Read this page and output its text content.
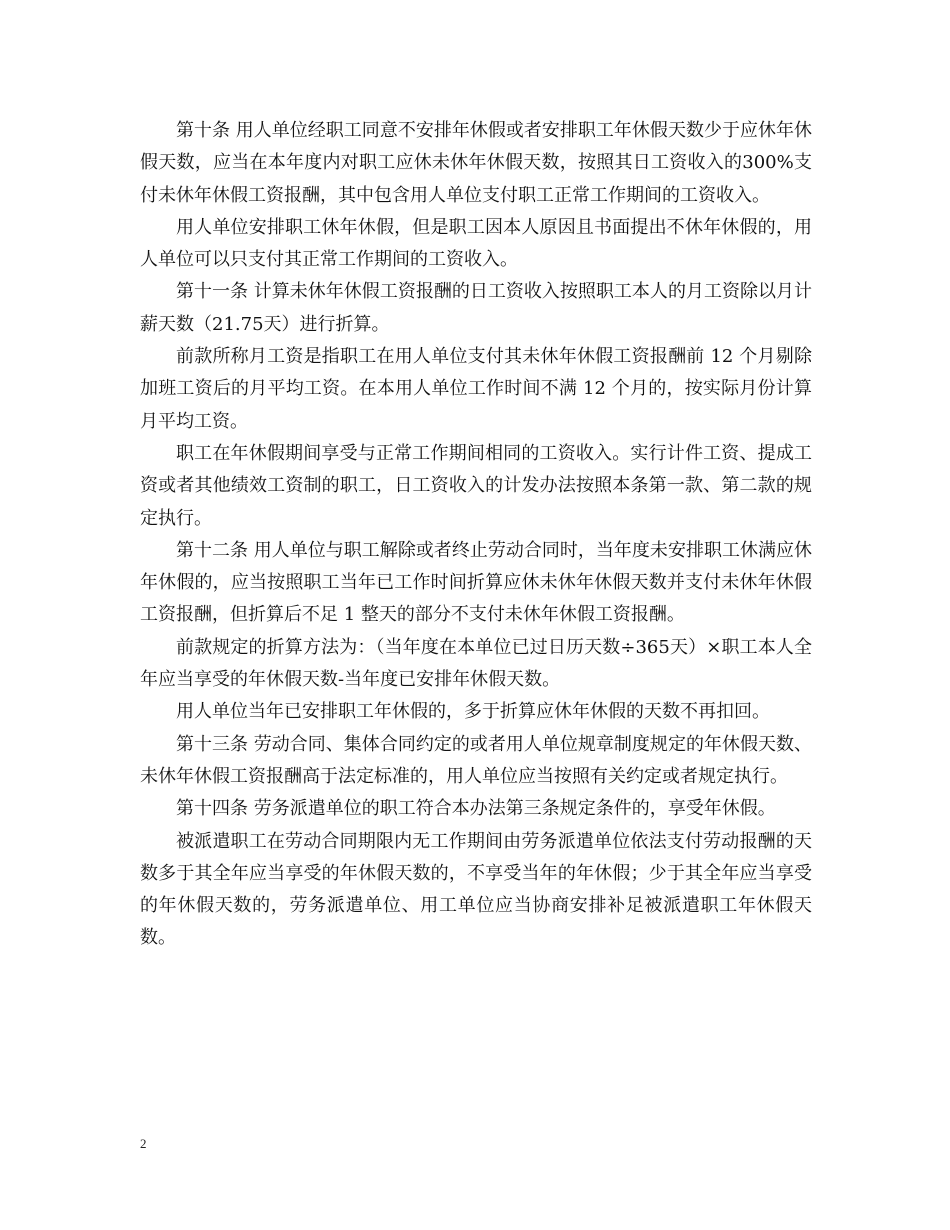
第十条 用人单位经职工同意不安排年休假或者安排职工年休假天数少于应休年休假天数，应当在本年度内对职工应休未休年休假天数，按照其日工资收入的300%支付未休年休假工资报酬，其中包含用人单位支付职工正常工作期间的工资收入。

用人单位安排职工休年休假，但是职工因本人原因且书面提出不休年休假的，用人单位可以只支付其正常工作期间的工资收入。

第十一条 计算未休年休假工资报酬的日工资收入按照职工本人的月工资除以月计薪天数（21.75天）进行折算。

前款所称月工资是指职工在用人单位支付其未休年休假工资报酬前 12 个月剔除加班工资后的月平均工资。在本用人单位工作时间不满 12 个月的，按实际月份计算月平均工资。

职工在年休假期间享受与正常工作期间相同的工资收入。实行计件工资、提成工资或者其他绩效工资制的职工，日工资收入的计发办法按照本条第一款、第二款的规定执行。

第十二条 用人单位与职工解除或者终止劳动合同时，当年度未安排职工休满应休年休假的，应当按照职工当年已工作时间折算应休未休年休假天数并支付未休年休假工资报酬，但折算后不足 1 整天的部分不支付未休年休假工资报酬。

前款规定的折算方法为：（当年度在本单位已过日历天数÷365天）×职工本人全年应当享受的年休假天数-当年度已安排年休假天数。

用人单位当年已安排职工年休假的，多于折算应休年休假的天数不再扣回。

第十三条 劳动合同、集体合同约定的或者用人单位规章制度规定的年休假天数、未休年休假工资报酬高于法定标准的，用人单位应当按照有关约定或者规定执行。

第十四条 劳务派遣单位的职工符合本办法第三条规定条件的，享受年休假。

被派遣职工在劳动合同期限内无工作期间由劳务派遣单位依法支付劳动报酬的天数多于其全年应当享受的年休假天数的，不享受当年的年休假；少于其全年应当享受的年休假天数的，劳务派遣单位、用工单位应当协商安排补足被派遣职工年休假天数。

2
